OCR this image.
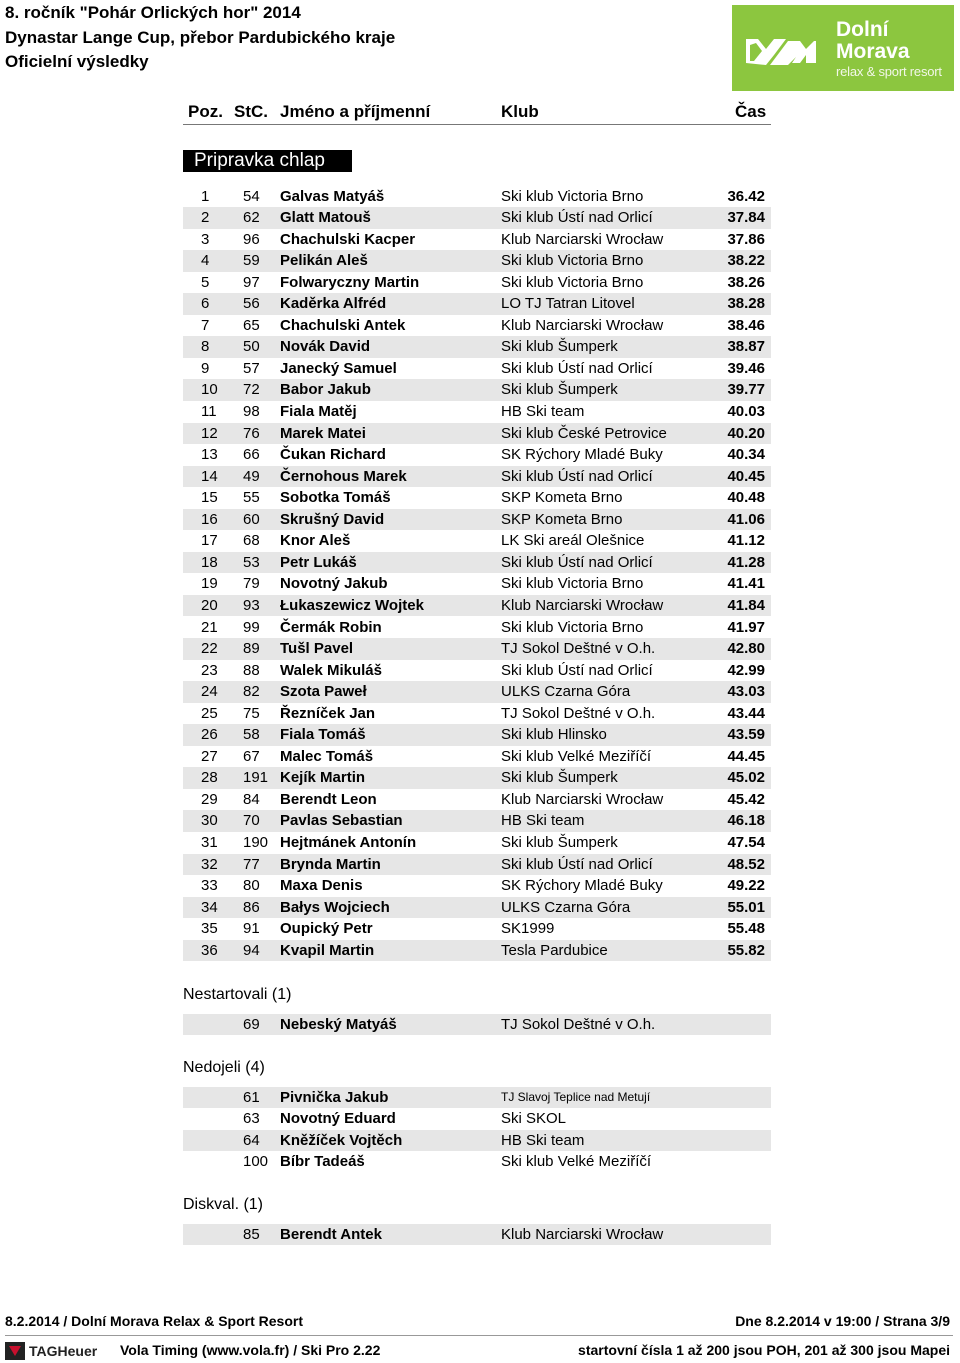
8. ročník "Pohár Orlických hor" 2014
Dynastar Lange Cup, přebor Pardubického kraje
Oficielní výsledky
Dolní
Morava
relax & sport resort
Poz. StC. Jméno a příjmenní	Klub	Čas
Pripravka chlap
1 54 Galvas Matyáš	Ski klub Victoria Brno	36.42
2 62 Glatt Matouš	Ski klub Ústí nad Orlicí	37.84
3 96 Chachulski Kacper	Klub Narciarski Wrocław	37.86
4 59 Pelikán Aleš	Ski klub Victoria Brno	38.22
5 97 Folwaryczny Martin	Ski klub Victoria Brno	38.26
6 56 Kaděrka Alfréd	LO TJ Tatran Litovel	38.28
7 65 Chachulski Antek	Klub Narciarski Wrocław	38.46
8 50 Novák David	Ski klub Šumperk	38.87
9 57 Janecký Samuel	Ski klub Ústí nad Orlicí	39.46
10 72 Babor Jakub	Ski klub Šumperk	39.77
11 98 Fiala Matěj	HB Ski team	40.03
12 76 Marek Matei	Ski klub České Petrovice	40.20
13 66 Čukan Richard	SK Rýchory Mladé Buky	40.34
14 49 Černohous Marek	Ski klub Ústí nad Orlicí	40.45
15 55 Sobotka Tomáš	SKP Kometa Brno	40.48
16 60 Skrušný David	SKP Kometa Brno	41.06
17 68 Knor Aleš	LK Ski areál Olešnice	41.12
18 53 Petr Lukáš	Ski klub Ústí nad Orlicí	41.28
19 79 Novotný Jakub	Ski klub Victoria Brno	41.41
20 93 Łukaszewicz Wojtek	Klub Narciarski Wrocław	41.84
21 99 Čermák Robin	Ski klub Victoria Brno	41.97
22 89 Tušl Pavel	TJ Sokol Deštné v O.h.	42.80
23 88 Walek Mikuláš	Ski klub Ústí nad Orlicí	42.99
24 82 Szota Paweł	ULKS Czarna Góra	43.03
25 75 Řezníček Jan	TJ Sokol Deštné v O.h.	43.44
26 58 Fiala Tomáš	Ski klub Hlinsko	43.59
27 67 Malec Tomáš	Ski klub Velké Meziříčí	44.45
28 191 Kejík Martin	Ski klub Šumperk	45.02
29 84 Berendt Leon	Klub Narciarski Wrocław	45.42
30 70 Pavlas Sebastian	HB Ski team	46.18
31 190 Hejtmánek Antonín	Ski klub Šumperk	47.54
32 77 Brynda Martin	Ski klub Ústí nad Orlicí	48.52
33 80 Maxa Denis	SK Rýchory Mladé Buky	49.22
34 86 Bałys Wojciech	ULKS Czarna Góra	55.01
35 91 Oupický Petr	SK1999	55.48
36 94 Kvapil Martin	Tesla Pardubice	55.82
Nestartovali (1)
69 Nebeský Matyáš	TJ Sokol Deštné v O.h.
Nedojeli (4)
61 Pivnička Jakub	TJ Slavoj Teplice nad Metují
63 Novotný Eduard	Ski SKOL
64 Kněžíček Vojtěch	HB Ski team
100 Bíbr Tadeáš	Ski klub Velké Meziříčí
Diskval. (1)
85 Berendt Antek	Klub Narciarski Wrocław
8.2.2014 / Dolní Morava Relax & Sport Resort	Dne 8.2.2014 v 19:00 / Strana 3/9
TAGHeuer Vola Timing (www.vola.fr) / Ski Pro 2.22	startovní čísla 1 až 200 jsou POH, 201 až 300 jsou Mapei
